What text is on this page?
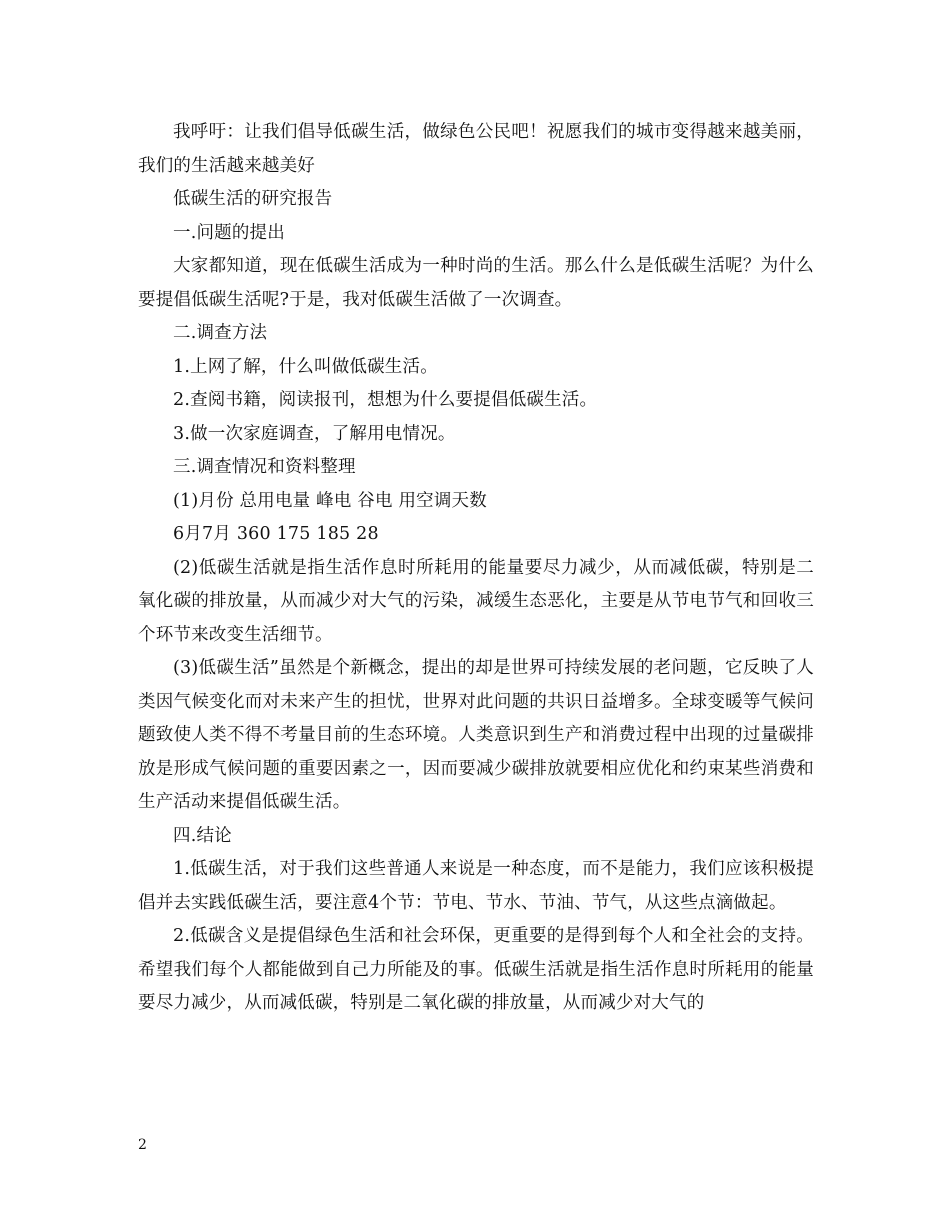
我呼吁：让我们倡导低碳生活，做绿色公民吧！祝愿我们的城市变得越来越美丽，我们的生活越来越美好

低碳生活的研究报告

一.问题的提出

大家都知道，现在低碳生活成为一种时尚的生活。那么什么是低碳生活呢？为什么要提倡低碳生活呢?于是，我对低碳生活做了一次调查。

二.调查方法

1.上网了解，什么叫做低碳生活。

2.查阅书籍，阅读报刊，想想为什么要提倡低碳生活。

3.做一次家庭调查，了解用电情况。

三.调查情况和资料整理

(1)月份 总用电量 峰电 谷电 用空调天数

6月7月 360 175 185 28

(2)低碳生活就是指生活作息时所耗用的能量要尽力减少，从而减低碳，特别是二氧化碳的排放量，从而减少对大气的污染，减缓生态恶化，主要是从节电节气和回收三个环节来改变生活细节。

(3)低碳生活”虽然是个新概念，提出的却是世界可持续发展的老问题，它反映了人类因气候变化而对未来产生的担忧，世界对此问题的共识日益增多。全球变暖等气候问题致使人类不得不考量目前的生态环境。人类意识到生产和消费过程中出现的过量碳排放是形成气候问题的重要因素之一，因而要减少碳排放就要相应优化和约束某些消费和生产活动来提倡低碳生活。

四.结论

1.低碳生活，对于我们这些普通人来说是一种态度，而不是能力，我们应该积极提倡并去实践低碳生活，要注意4个节：节电、节水、节油、节气，从这些点滴做起。

2.低碳含义是提倡绿色生活和社会环保，更重要的是得到每个人和全社会的支持。希望我们每个人都能做到自己力所能及的事。低碳生活就是指生活作息时所耗用的能量要尽力减少，从而减低碳，特别是二氧化碳的排放量，从而减少对大气的

2
